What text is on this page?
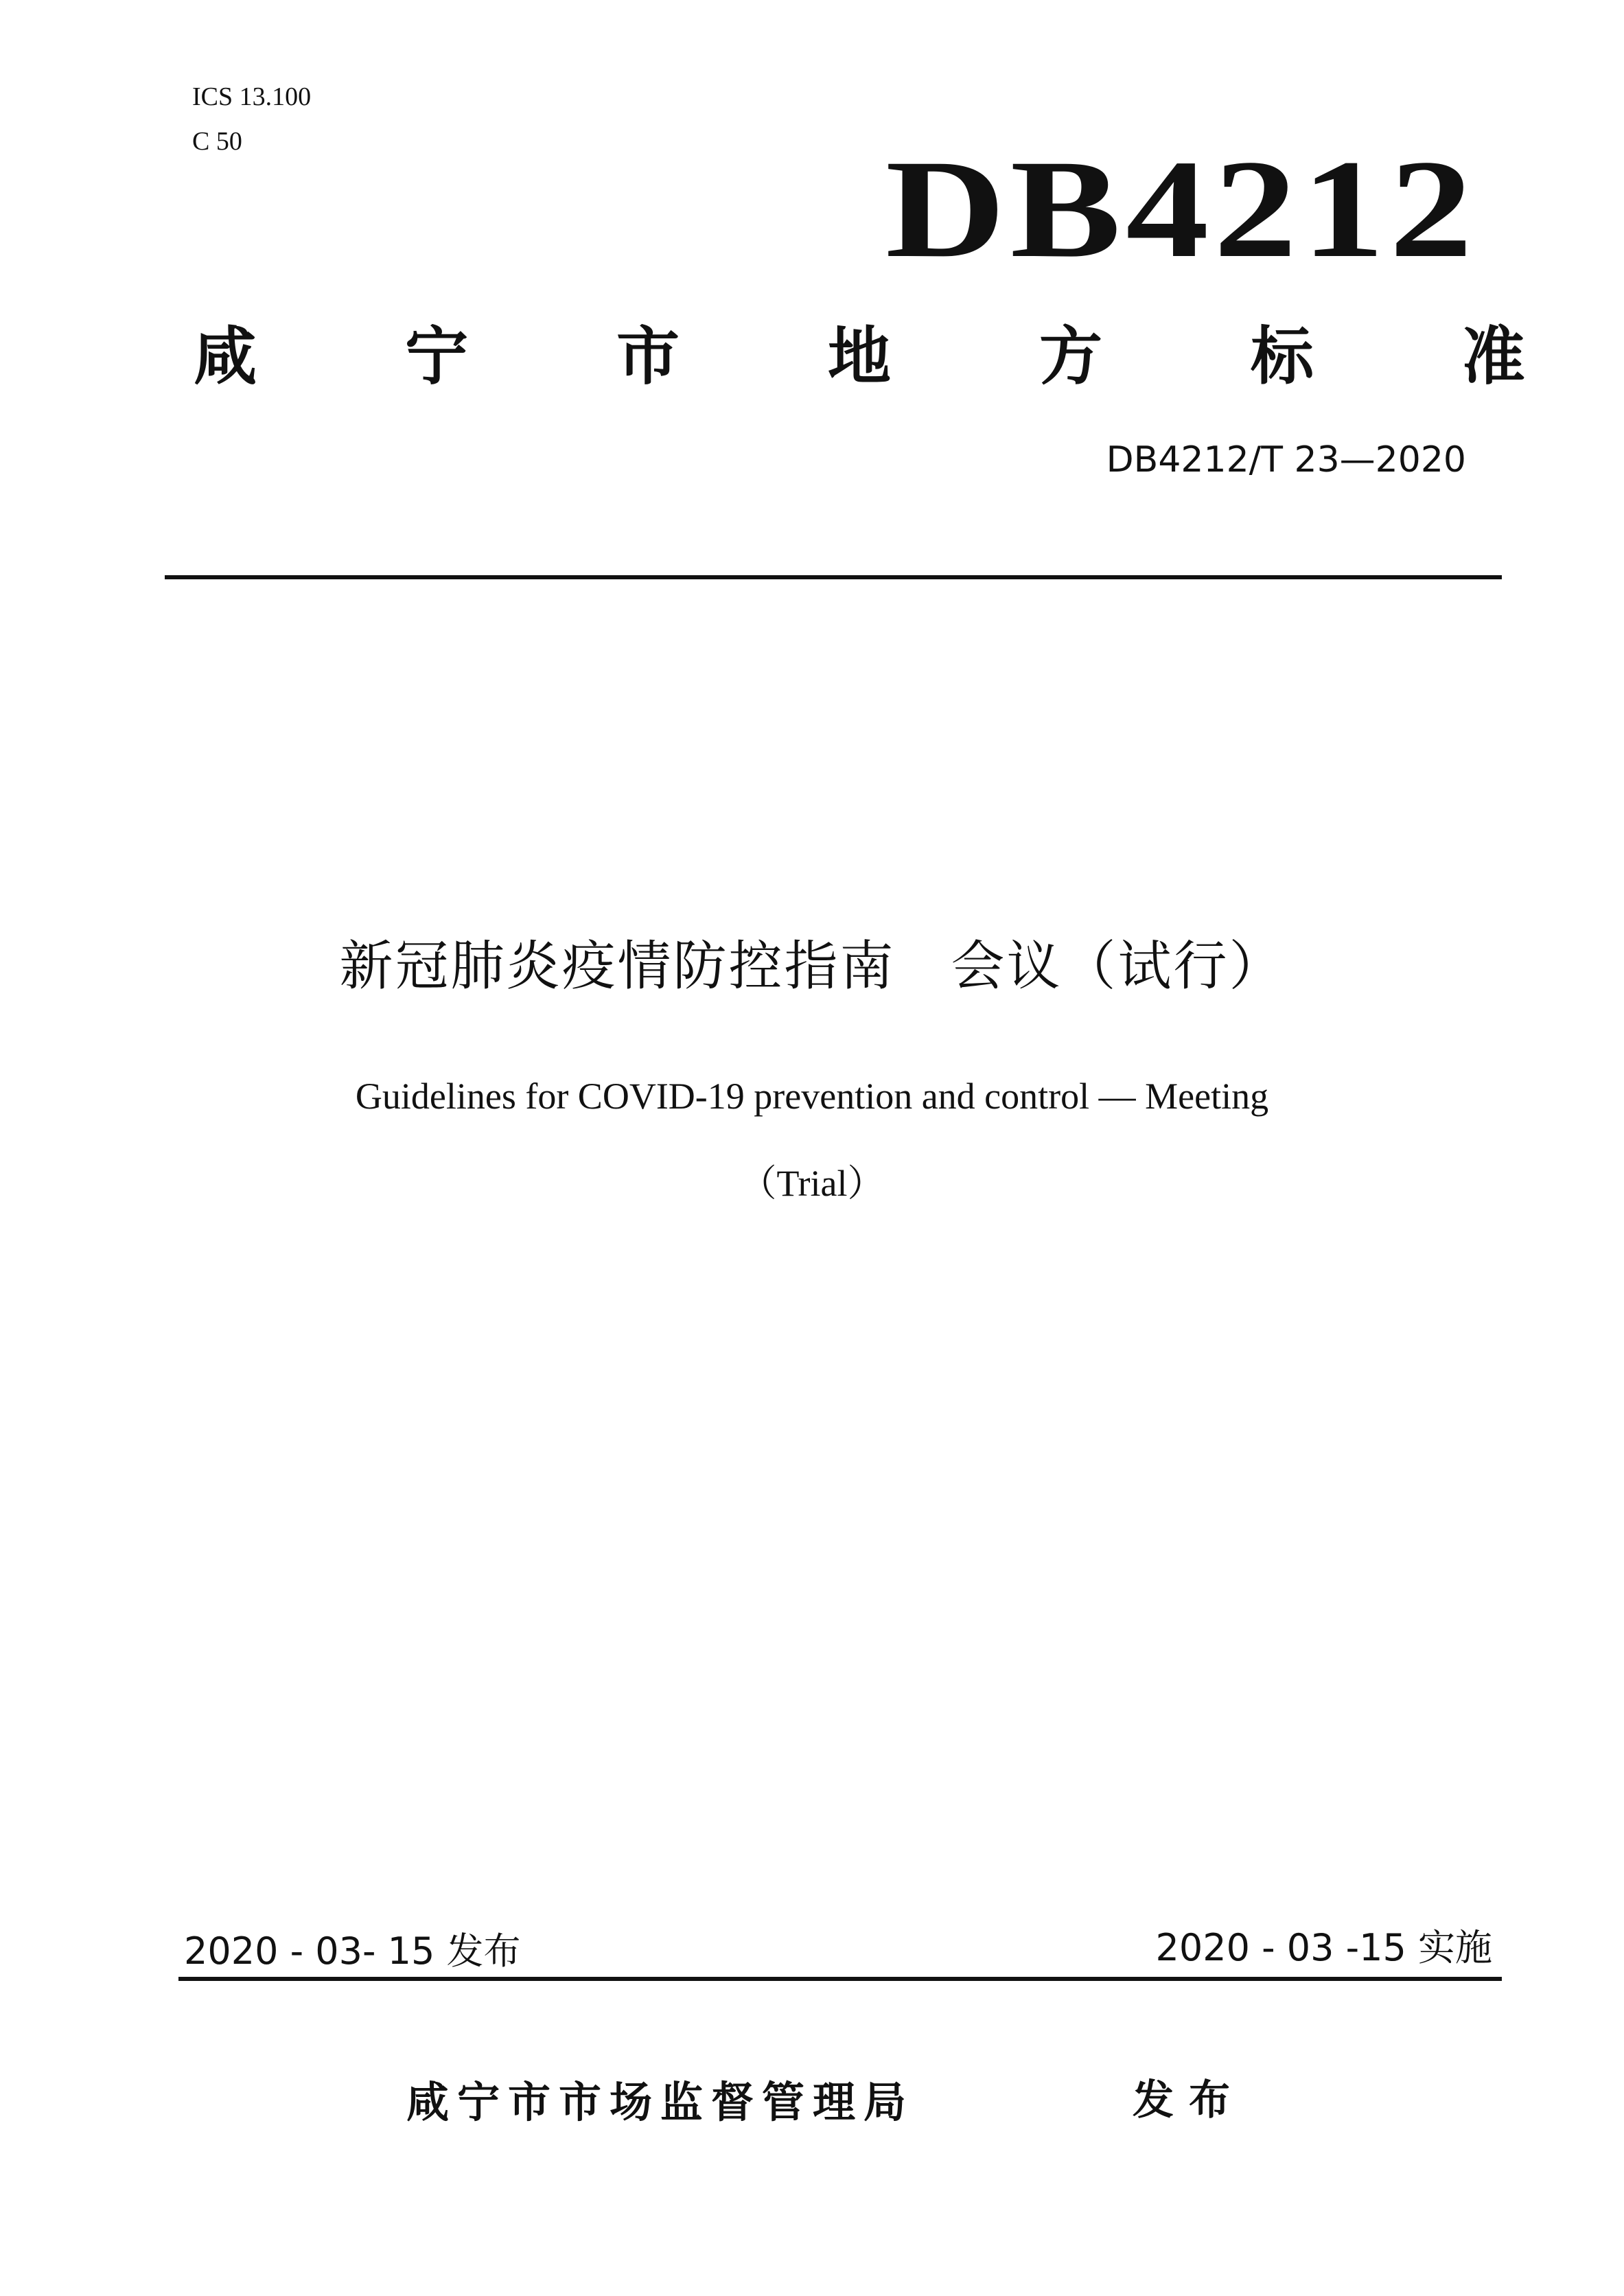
ICS 13.100
C 50	DB4212
咸 宁 市 地 方 标 准
DB4212/T 23—2020
新冠肺炎疫情防控指南　会议（试行）
Guidelines for COVID-19 prevention and control — Meeting
（Trial）
2020 - 03- 15 发布	2020 - 03 -15 实施
咸宁市市场监督管理局	发布
